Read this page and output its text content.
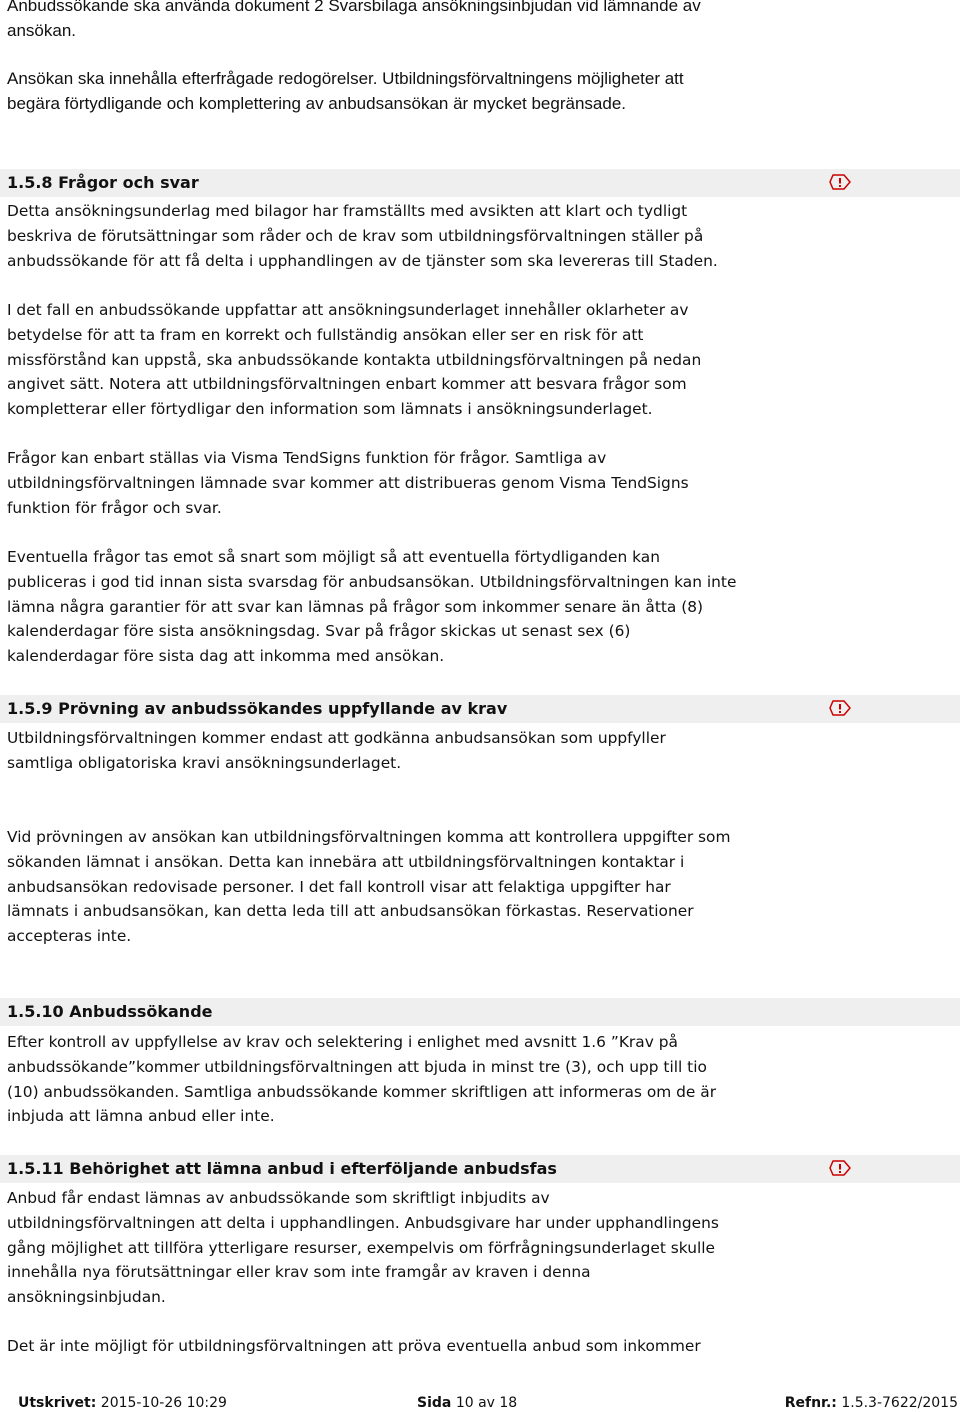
Anbudssökande ska använda dokument 2 Svarsbilaga ansökningsinbjudan vid lämnande av
ansökan.
Ansökan ska innehålla efterfrågade redogörelser. Utbildningsförvaltningens möjligheter att
begära förtydligande och komplettering av anbudsansökan är mycket begränsade.
1.5.8 Frågor och svar

Detta ansökningsunderlag med bilagor har framställts med avsikten att klart och tydligt

beskriva de förutsättningar som råder och de krav som utbildningsförvaltningen ställer på

anbudssökande för att få delta i upphandlingen av de tjänster som ska levereras till Staden.

I det fall en anbudssökande uppfattar att ansökningsunderlaget innehåller oklarheter av

betydelse för att ta fram en korrekt och fullständig ansökan eller ser en risk för att

missförstånd kan uppstå, ska anbudssökande kontakta utbildningsförvaltningen på nedan

angivet sätt. Notera att utbildningsförvaltningen enbart kommer att besvara frågor som

kompletterar eller förtydligar den information som lämnats i ansökningsunderlaget.

Frågor kan enbart ställas via Visma TendSigns funktion för frågor. Samtliga av

utbildningsförvaltningen lämnade svar kommer att distribueras genom Visma TendSigns

funktion för frågor och svar.

Eventuella frågor tas emot så snart som möjligt så att eventuella förtydliganden kan

publiceras i god tid innan sista svarsdag för anbudsansökan. Utbildningsförvaltningen kan inte

lämna några garantier för att svar kan lämnas på frågor som inkommer senare än åtta (8)

kalenderdagar före sista ansökningsdag. Svar på frågor skickas ut senast sex (6)

kalenderdagar före sista dag att inkomma med ansökan.

1.5.9 Prövning av anbudssökandes uppfyllande av krav

Utbildningsförvaltningen kommer endast att godkänna anbudsansökan som uppfyller

samtliga obligatoriska kravi ansökningsunderlaget.

Vid prövningen av ansökan kan utbildningsförvaltningen komma att kontrollera uppgifter som

sökanden lämnat i ansökan. Detta kan innebära att utbildningsförvaltningen kontaktar i

anbudsansökan redovisade personer. I det fall kontroll visar att felaktiga uppgifter har

lämnats i anbudsansökan, kan detta leda till att anbudsansökan förkastas. Reservationer

accepteras inte.

1.5.10 Anbudssökande

Efter kontroll av uppfyllelse av krav och selektering i enlighet med avsnitt 1.6 ”Krav på

anbudssökande”kommer utbildningsförvaltningen att bjuda in minst tre (3), och upp till tio

(10) anbudssökanden. Samtliga anbudssökande kommer skriftligen att informeras om de är

inbjuda att lämna anbud eller inte.

1.5.11 Behörighet att lämna anbud i efterföljande anbudsfas

Anbud får endast lämnas av anbudssökande som skriftligt inbjudits av

utbildningsförvaltningen att delta i upphandlingen. Anbudsgivare har under upphandlingens

gång möjlighet att tillföra ytterligare resurser, exempelvis om förfrågningsunderlaget skulle

innehålla nya förutsättningar eller krav som inte framgår av kraven i denna

ansökningsinbjudan.

Det är inte möjligt för utbildningsförvaltningen att pröva eventuella anbud som inkommer

Utskrivet: 2015-10-26 10:29	Sida 10 av 18	Refnr.: 1.5.3-7622/2015
